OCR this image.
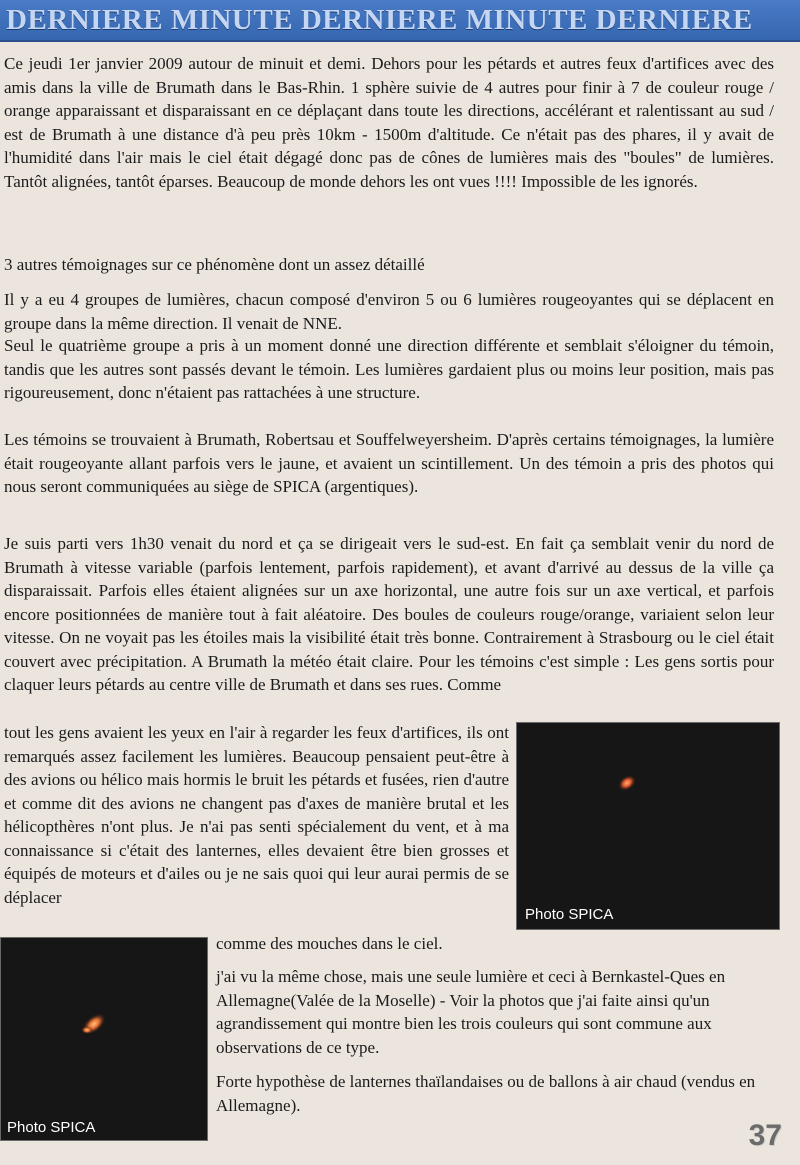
DERNIERE MINUTE DERNIERE MINUTE DERNIERE

Ce jeudi 1er janvier 2009 autour de minuit et demi. Dehors pour les pétards et autres feux d'artifices avec des amis dans la ville de Brumath dans le Bas-Rhin. 1 sphère suivie de 4 autres pour finir à 7 de couleur rouge / orange apparaissant et disparaissant en ce déplaçant dans toute les directions, accélérant et ralentissant au sud / est de Brumath à une distance d'à peu près 10km - 1500m d'altitude. Ce n'était pas des phares, il y avait de l'humidité dans l'air mais le ciel était dégagé donc pas de cônes de lumières mais des "boules" de lumières. Tantôt alignées, tantôt éparses. Beaucoup de monde dehors les ont vues !!!! Impossible de les ignorés.

3 autres témoignages sur ce phénomène dont un assez détaillé

Il y a eu 4 groupes de lumières, chacun composé d'environ 5 ou 6 lumières rougeoyantes qui se déplacent en groupe dans la même direction. Il venait de NNE.

Seul le quatrième groupe a pris à un moment donné une direction différente et semblait s'éloigner du témoin, tandis que les autres sont passés devant le témoin. Les lumières gardaient plus ou moins leur position, mais pas rigoureusement, donc n'étaient pas rattachées à une structure.

Les témoins se trouvaient à Brumath, Robertsau et Souffelweyersheim. D'après certains témoignages, la lumière était rougeoyante allant parfois vers le jaune, et avaient un scintillement. Un des témoin a pris des photos qui nous seront communiquées au siège de SPICA (argentiques).

Je suis parti vers 1h30 venait du nord et ça se dirigeait vers le sud-est. En fait ça semblait venir du nord de Brumath à vitesse variable (parfois lentement, parfois rapidement), et avant d'arrivé au dessus de la ville ça disparaissait. Parfois elles étaient alignées sur un axe horizontal, une autre fois sur un axe vertical, et parfois encore positionnées de manière tout à fait aléatoire. Des boules de couleurs rouge/orange, variaient selon leur vitesse. On ne voyait pas les étoiles mais la visibilité était très bonne. Contrairement à Strasbourg ou le ciel était couvert avec précipitation. A Brumath la météo était claire. Pour les témoins c'est simple : Les gens sortis pour claquer leurs pétards au centre ville de Brumath et dans ses rues. Comme

tout les gens avaient les yeux en l'air à regarder les feux d'artifices, ils ont remarqués assez facilement les lumières. Beaucoup pensaient peut-être à des avions ou hélico mais hormis le bruit les pétards et fusées, rien d'autre et comme dit des avions ne changent pas d'axes de manière brutal et les hélicopthères n'ont plus. Je n'ai pas senti spécialement du vent, et à ma connaissance si c'était des lanternes, elles devaient être bien grosses et équipés de moteurs et d'ailes ou je ne sais quoi qui leur aurai permis de se déplacer

comme des mouches dans le ciel.

j'ai vu la même chose, mais une seule lumière et ceci à Bernkastel-Ques en Allemagne(Valée de la Moselle) - Voir la photos que j'ai faite ainsi qu'un agrandissement qui montre bien les trois couleurs qui sont commune aux observations de ce type.

Forte hypothèse de lanternes thaïlandaises ou de ballons à air chaud (vendus en Allemagne).

Photo SPICA
Photo SPICA	37
